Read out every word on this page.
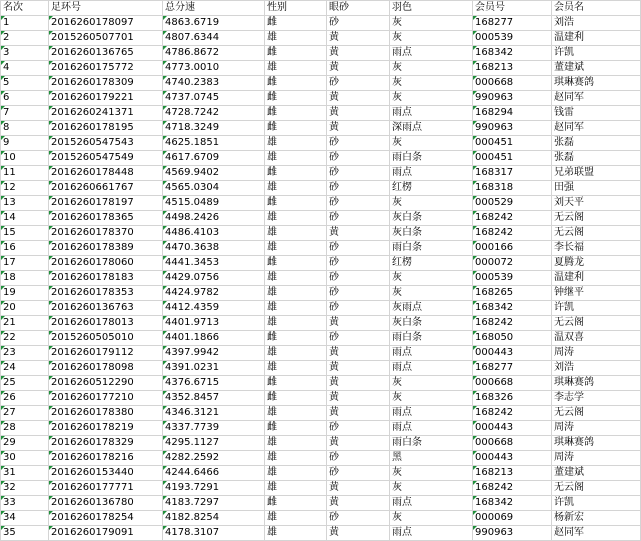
名次	足环号	总分速	性别	眼砂	羽色	会员号	会员名
1	2016260178097	4863.6719	雌	砂	灰	168277	刘浩
2	2015260507701	4807.6344	雄	黄	灰	000539	温建利
3	2016260136765	4786.8672	雌	黄	雨点	168342	许凯
4	2016260175772	4773.0010	雄	黄	灰	168213	董建斌
5	2016260178309	4740.2383	雌	砂	灰	000668	琪琳赛鸽
6	2016260179221	4737.0745	雌	黄	灰	990963	赵同军
7	2016260241371	4728.7242	雌	黄	雨点	168294	钱雷
8	2016260178195	4718.3249	雌	黄	深雨点	990963	赵同军
9	2015260547543	4625.1851	雄	砂	灰	000451	张磊
10	2015260547549	4617.6709	雄	砂	雨白条	000451	张磊
11	2016260178448	4569.9402	雌	砂	雨点	168317	兄弟联盟
12	2016260661767	4565.0304	雄	砂	红楞	168318	田强
13	2016260178197	4515.0489	雌	砂	灰	000529	刘天平
14	2016260178365	4498.2426	雄	砂	灰白条	168242	无云阁
15	2016260178370	4486.4103	雄	黄	灰白条	168242	无云阁
16	2016260178389	4470.3638	雄	砂	雨白条	000166	李长福
17	2016260178060	4441.3453	雌	砂	红楞	000072	夏腾龙
18	2016260178183	4429.0756	雄	砂	灰	000539	温建利
19	2016260178353	4424.9782	雄	砂	灰	168265	钟继平
20	2016260136763	4412.4359	雄	砂	灰雨点	168342	许凯
21	2016260178013	4401.9713	雄	黄	灰白条	168242	无云阁
22	2015260505010	4401.1866	雌	砂	雨白条	168050	温双喜
23	2016260179112	4397.9942	雄	黄	雨点	000443	周涛
24	2016260178098	4391.0231	雄	黄	雨点	168277	刘浩
25	2016260512290	4376.6715	雌	黄	灰	000668	琪琳赛鸽
26	2016260177210	4352.8457	雌	黄	灰	168326	李志学
27	2016260178380	4346.3121	雄	黄	雨点	168242	无云阁
28	2016260178219	4337.7739	雌	砂	雨点	000443	周涛
29	2016260178329	4295.1127	雄	黄	雨白条	000668	琪琳赛鸽
30	2016260178216	4282.2592	雄	砂	黑	000443	周涛
31	2016260153440	4244.6466	雄	砂	灰	168213	董建斌
32	2016260177771	4193.7291	雄	黄	灰	168242	无云阁
33	2016260136780	4183.7297	雌	黄	雨点	168342	许凯
34	2016260178254	4182.8254	雄	砂	灰	000069	杨新宏
35	2016260179091	4178.3107	雄	黄	雨点	990963	赵同军
